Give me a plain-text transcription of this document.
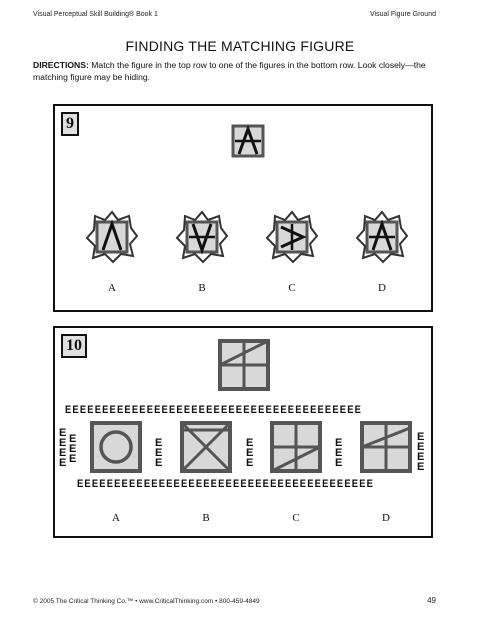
Visual Perceptual Skill Building® Book 1	Visual Figure Ground
FINDING THE MATCHING FIGURE
DIRECTIONS: Match the figure in the top row to one of the figures in the bottom row. Look closely—the matching figure may be hiding.
9
A	B	C	D
10
EEEEEEEEEEEEEEEEEEEEEEEEEEEEEEEEEEEEEEEE
EEEEEEEEEEEEEEEEEEEEEEEEEEEEEEEEEEEEEEEE
E
E
E
E
E
E
E
E
E
E
E
E
E
E
E
E
E
E
E
E
A	B	C	D
© 2005 The Critical Thinking Co.™ • www.CriticalThinking.com • 800-459-4849	49
